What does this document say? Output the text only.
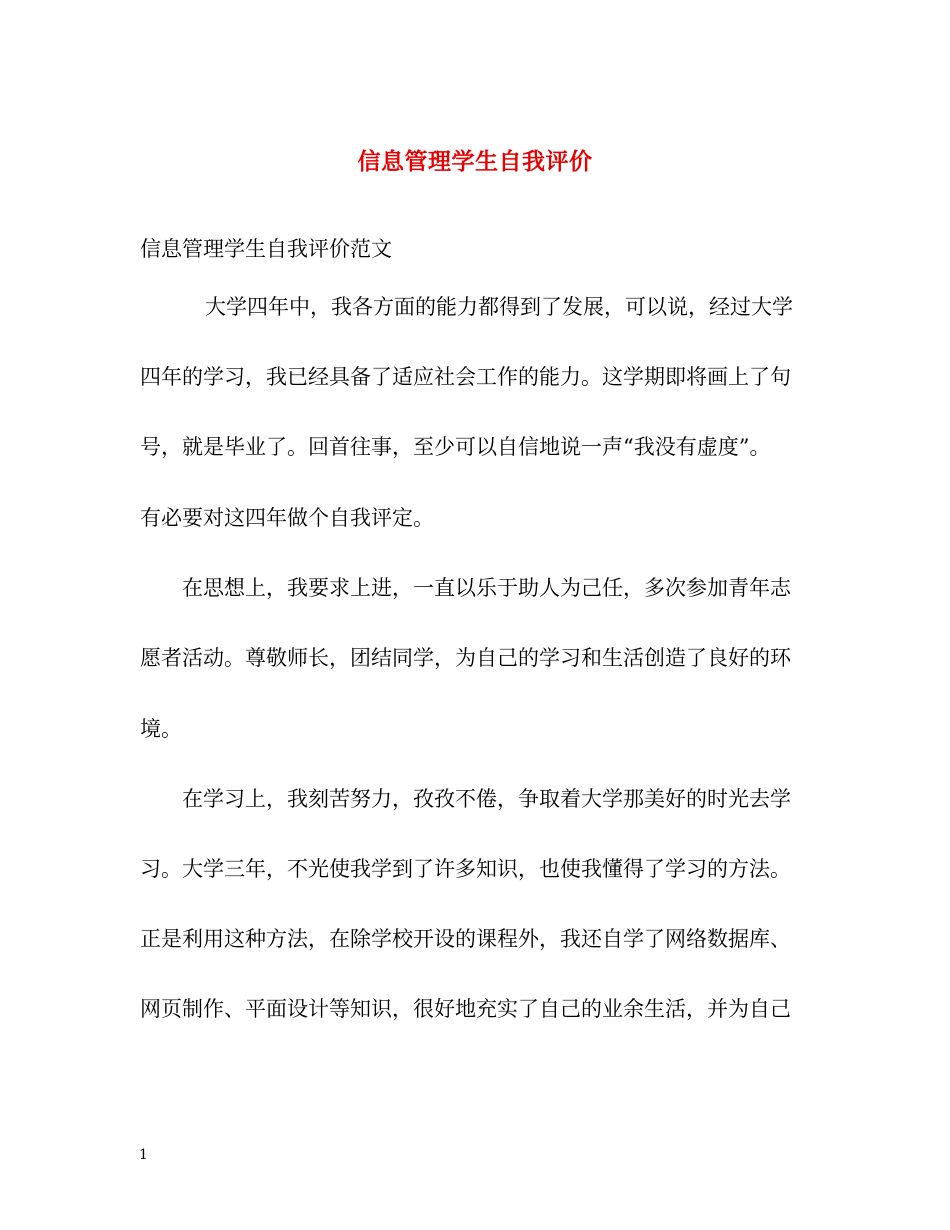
信息管理学生自我评价
信息管理学生自我评价范文
大学四年中，我各方面的能力都得到了发展，可以说，经过大学
四年的学习，我已经具备了适应社会工作的能力。这学期即将画上了句
号，就是毕业了。回首往事，至少可以自信地说一声“我没有虚度”。
有必要对这四年做个自我评定。
在思想上，我要求上进，一直以乐于助人为己任，多次参加青年志
愿者活动。尊敬师长，团结同学，为自己的学习和生活创造了良好的环
境。
在学习上，我刻苦努力，孜孜不倦，争取着大学那美好的时光去学
习。大学三年，不光使我学到了许多知识，也使我懂得了学习的方法。
正是利用这种方法，在除学校开设的课程外，我还自学了网络数据库、
网页制作、平面设计等知识，很好地充实了自己的业余生活，并为自己
1
